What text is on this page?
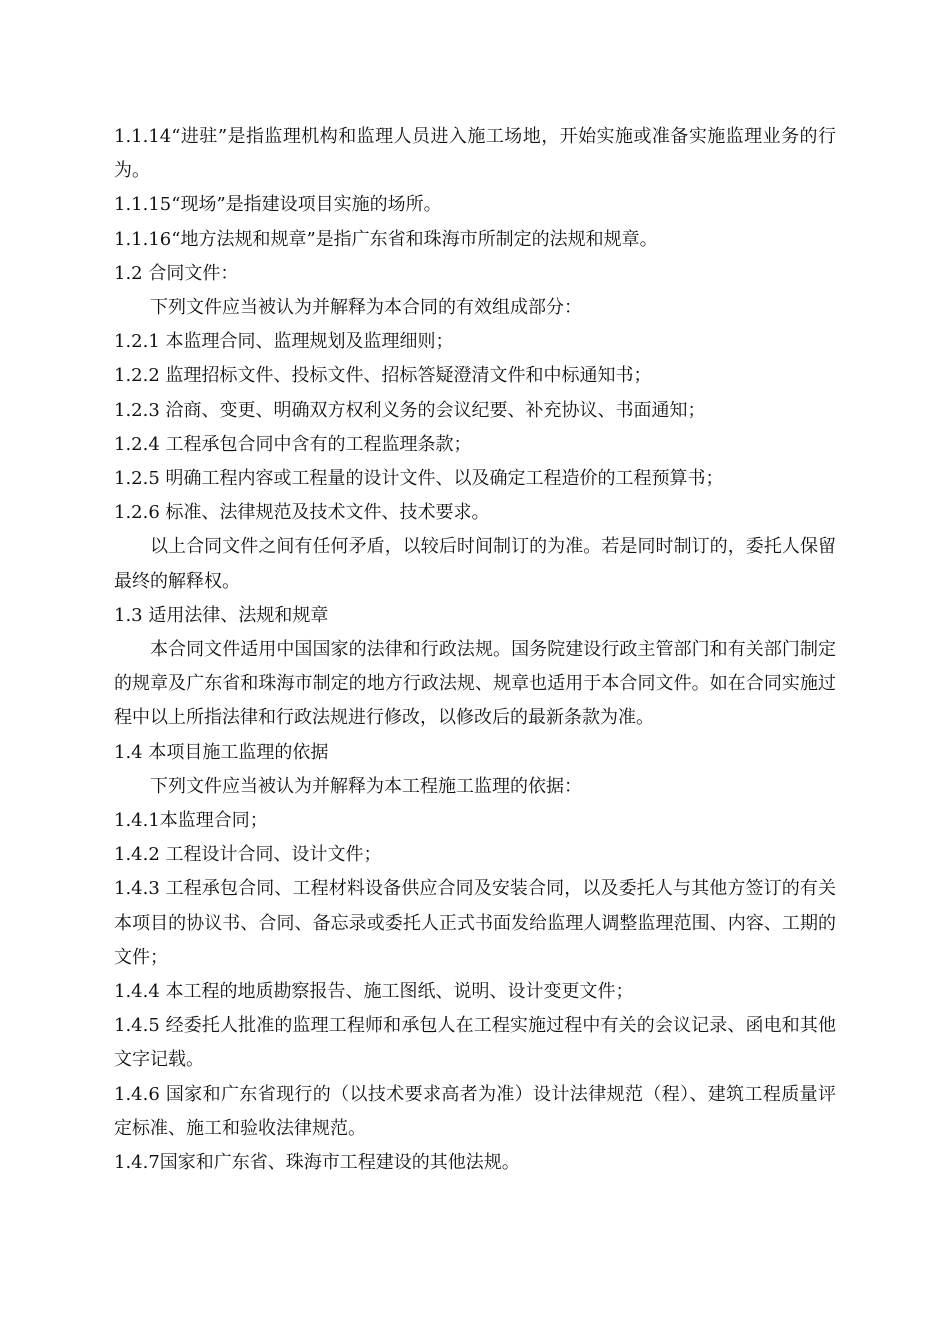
1.1.14“进驻”是指监理机构和监理人员进入施工场地，开始实施或准备实施监理业务的行为。

1.1.15“现场”是指建设项目实施的场所。

1.1.16“地方法规和规章”是指广东省和珠海市所制定的法规和规章。

1.2 合同文件：

下列文件应当被认为并解释为本合同的有效组成部分：

1.2.1 本监理合同、监理规划及监理细则；

1.2.2 监理招标文件、投标文件、招标答疑澄清文件和中标通知书；

1.2.3 洽商、变更、明确双方权利义务的会议纪要、补充协议、书面通知；

1.2.4 工程承包合同中含有的工程监理条款；

1.2.5 明确工程内容或工程量的设计文件、以及确定工程造价的工程预算书；

1.2.6 标准、法律规范及技术文件、技术要求。

以上合同文件之间有任何矛盾，以较后时间制订的为准。若是同时制订的，委托人保留最终的解释权。

1.3 适用法律、法规和规章

本合同文件适用中国国家的法律和行政法规。国务院建设行政主管部门和有关部门制定的规章及广东省和珠海市制定的地方行政法规、规章也适用于本合同文件。如在合同实施过程中以上所指法律和行政法规进行修改，以修改后的最新条款为准。

1.4 本项目施工监理的依据

下列文件应当被认为并解释为本工程施工监理的依据：

1.4.1本监理合同；

1.4.2 工程设计合同、设计文件；

1.4.3 工程承包合同、工程材料设备供应合同及安装合同，以及委托人与其他方签订的有关本项目的协议书、合同、备忘录或委托人正式书面发给监理人调整监理范围、内容、工期的文件；

1.4.4 本工程的地质勘察报告、施工图纸、说明、设计变更文件；

1.4.5 经委托人批准的监理工程师和承包人在工程实施过程中有关的会议记录、函电和其他文字记载。

1.4.6 国家和广东省现行的（以技术要求高者为准）设计法律规范（程）、建筑工程质量评定标准、施工和验收法律规范。

1.4.7国家和广东省、珠海市工程建设的其他法规。
